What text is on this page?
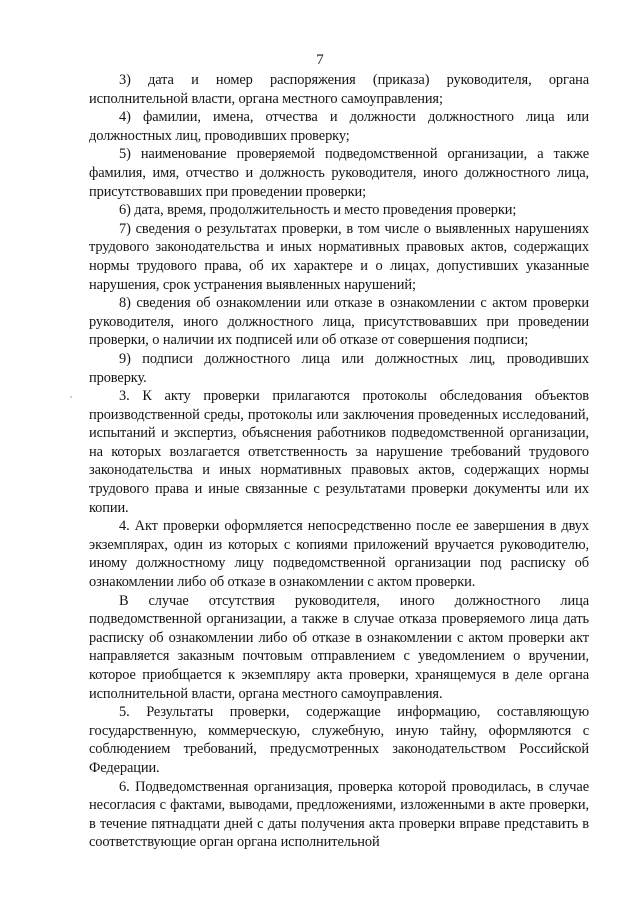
7

3) дата и номер распоряжения (приказа) руководителя, органа исполнительной власти, органа местного самоуправления;

4) фамилии, имена, отчества и должности должностного лица или должностных лиц, проводивших проверку;

5) наименование проверяемой подведомственной организации, а также фамилия, имя, отчество и должность руководителя, иного должностного лица, присутствовавших при проведении проверки;

6) дата, время, продолжительность и место проведения проверки;

7) сведения о результатах проверки, в том числе о выявленных нарушениях трудового законодательства и иных нормативных правовых актов, содержащих нормы трудового права, об их характере и о лицах, допустивших указанные нарушения, срок устранения выявленных нарушений;

8) сведения об ознакомлении или отказе в ознакомлении с актом проверки руководителя, иного должностного лица, присутствовавших при проведении проверки, о наличии их подписей или об отказе от совершения подписи;

9) подписи должностного лица или должностных лиц, проводивших проверку.

3. К акту проверки прилагаются протоколы обследования объектов производственной среды, протоколы или заключения проведенных исследований, испытаний и экспертиз, объяснения работников подведомственной организации, на которых возлагается ответственность за нарушение требований трудового законодательства и иных нормативных правовых актов, содержащих нормы трудового права и иные связанные с результатами проверки документы или их копии.

4. Акт проверки оформляется непосредственно после ее завершения в двух экземплярах, один из которых с копиями приложений вручается руководителю, иному должностному лицу подведомственной организации под расписку об ознакомлении либо об отказе в ознакомлении с актом проверки.

В случае отсутствия руководителя, иного должностного лица подведомственной организации, а также в случае отказа проверяемого лица дать расписку об ознакомлении либо об отказе в ознакомлении с актом проверки акт направляется заказным почтовым отправлением с уведомлением о вручении, которое приобщается к экземпляру акта проверки, хранящемуся в деле органа исполнительной власти, органа местного самоуправления.

5. Результаты проверки, содержащие информацию, составляющую государственную, коммерческую, служебную, иную тайну, оформляются с соблюдением требований, предусмотренных законодательством Российской Федерации.

6. Подведомственная организация, проверка которой проводилась, в случае несогласия с фактами, выводами, предложениями, изложенными в акте проверки, в течение пятнадцати дней с даты получения акта проверки вправе представить в соответствующие орган органа исполнительной
